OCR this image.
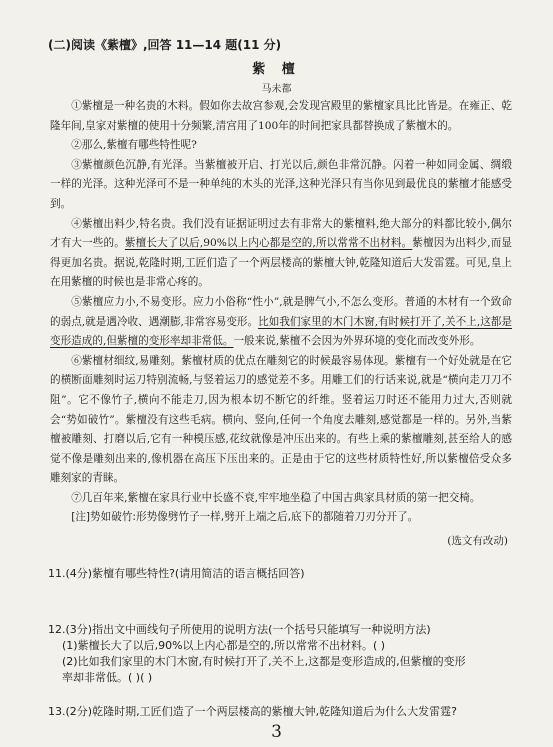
(二)阅读《紫檀》,回答 11—14 题(11 分)
紫 檀
马未都

①紫檀是一种名贵的木料。假如你去故宫参观,会发现宫殿里的紫檀家具比比皆是。在雍正、乾隆年间,皇家对紫檀的使用十分频繁,清宫用了100年的时间把家具都替换成了紫檀木的。

②那么,紫檀有哪些特性呢?

③紫檀颜色沉静,有光泽。当紫檀被开启、打光以后,颜色非常沉静。闪着一种如同金属、绸缎一样的光泽。这种光泽可不是一种单纯的木头的光泽,这种光泽只有当你见到最优良的紫檀才能感受到。

④紫檀出料少,特名贵。我们没有证据证明过去有非常大的紫檀料,绝大部分的料都比较小,偶尔才有大一些的。紫檀长大了以后,90%以上内心都是空的,所以常常不出材料。紫檀因为出料少,而显得更加名贵。据说,乾隆时期,工匠们造了一个两层楼高的紫檀大钟,乾隆知道后大发雷霆。可见,皇上在用紫檀的时候也是非常心疼的。

⑤紫檀应力小,不易变形。应力小俗称“性小”,就是脾气小,不怎么变形。普通的木材有一个致命的弱点,就是遇冷收、遇潮膨,非常容易变形。比如我们家里的木门木窗,有时候打开了,关不上,这都是变形造成的,但紫檀的变形率却非常低。一般来说,紫檀不会因为外界环境的变化而改变外形。

⑥紫檀材细纹,易雕刻。紫檀材质的优点在雕刻它的时候最容易体现。紫檀有一个好处就是在它的横断面雕刻时运刀特别流畅,与竖着运刀的感觉差不多。用雕工们的行话来说,就是“横向走刀刀不阻”。它不像竹子,横向不能走刀,因为根本切不断它的纤维。竖着运刀时还不能用力过大,否则就会“势如破竹”。紫檀没有这些毛病。横向、竖向,任何一个角度去雕刻,感觉都是一样的。另外,当紫檀被雕刻、打磨以后,它有一种模压感,花纹就像是冲压出来的。有些上乘的紫檀雕刻,甚至给人的感觉不像是雕刻出来的,像机器在高压下压出来的。正是由于它的这些材质特性好,所以紫檀倍受众多雕刻家的青睐。

⑦几百年来,紫檀在家具行业中长盛不衰,牢牢地坐稳了中国古典家具材质的第一把交椅。

[注]势如破竹:形势像劈竹子一样,劈开上端之后,底下的都随着刀刃分开了。

(选文有改动)
11.(4分)紫檀有哪些特性?(请用简洁的语言概括回答)
12.(3分)指出文中画线句子所使用的说明方法(一个括号只能填写一种说明方法)
(1)紫檀长大了以后,90%以上内心都是空的,所以常常不出材料。( )
(2)比如我们家里的木门木窗,有时候打开了,关不上,这都是变形造成的,但紫檀的变形
率却非常低。( )( )
13.(2分)乾隆时期,工匠们造了一个两层楼高的紫檀大钟,乾隆知道后为什么大发雷霆?
3
